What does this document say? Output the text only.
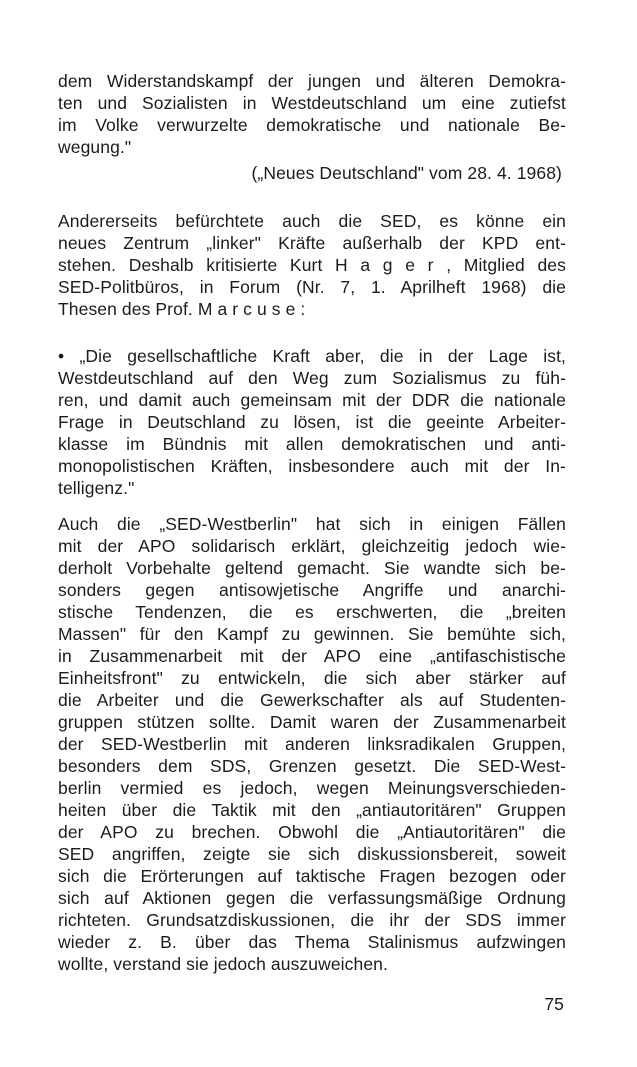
dem Widerstandskampf der jungen und älteren Demokra-
ten und Sozialisten in Westdeutschland um eine zutiefst
im Volke verwurzelte demokratische und nationale Be-
wegung."
(„Neues Deutschland" vom 28. 4. 1968)
Andererseits befürchtete auch die SED, es könne ein
neues Zentrum „linker" Kräfte außerhalb der KPD ent-
stehen. Deshalb kritisierte Kurt H a g e r , Mitglied des
SED-Politbüros, in Forum (Nr. 7, 1. Aprilheft 1968) die
Thesen des Prof. M a r c u s e :
• „Die gesellschaftliche Kraft aber, die in der Lage ist,
Westdeutschland auf den Weg zum Sozialismus zu füh-
ren, und damit auch gemeinsam mit der DDR die nationale
Frage in Deutschland zu lösen, ist die geeinte Arbeiter-
klasse im Bündnis mit allen demokratischen und anti-
monopolistischen Kräften, insbesondere auch mit der In-
telligenz."
Auch die „SED-Westberlin" hat sich in einigen Fällen
mit der APO solidarisch erklärt, gleichzeitig jedoch wie-
derholt Vorbehalte geltend gemacht. Sie wandte sich be-
sonders gegen antisowjetische Angriffe und anarchi-
stische Tendenzen, die es erschwerten, die „breiten
Massen" für den Kampf zu gewinnen. Sie bemühte sich,
in Zusammenarbeit mit der APO eine „antifaschistische
Einheitsfront" zu entwickeln, die sich aber stärker auf
die Arbeiter und die Gewerkschafter als auf Studenten-
gruppen stützen sollte. Damit waren der Zusammenarbeit
der SED-Westberlin mit anderen linksradikalen Gruppen,
besonders dem SDS, Grenzen gesetzt. Die SED-West-
berlin vermied es jedoch, wegen Meinungsverschieden-
heiten über die Taktik mit den „antiautoritären" Gruppen
der APO zu brechen. Obwohl die „Antiautoritären" die
SED angriffen, zeigte sie sich diskussionsbereit, soweit
sich die Erörterungen auf taktische Fragen bezogen oder
sich auf Aktionen gegen die verfassungsmäßige Ordnung
richteten. Grundsatzdiskussionen, die ihr der SDS immer
wieder z. B. über das Thema Stalinismus aufzwingen
wollte, verstand sie jedoch auszuweichen.
75
